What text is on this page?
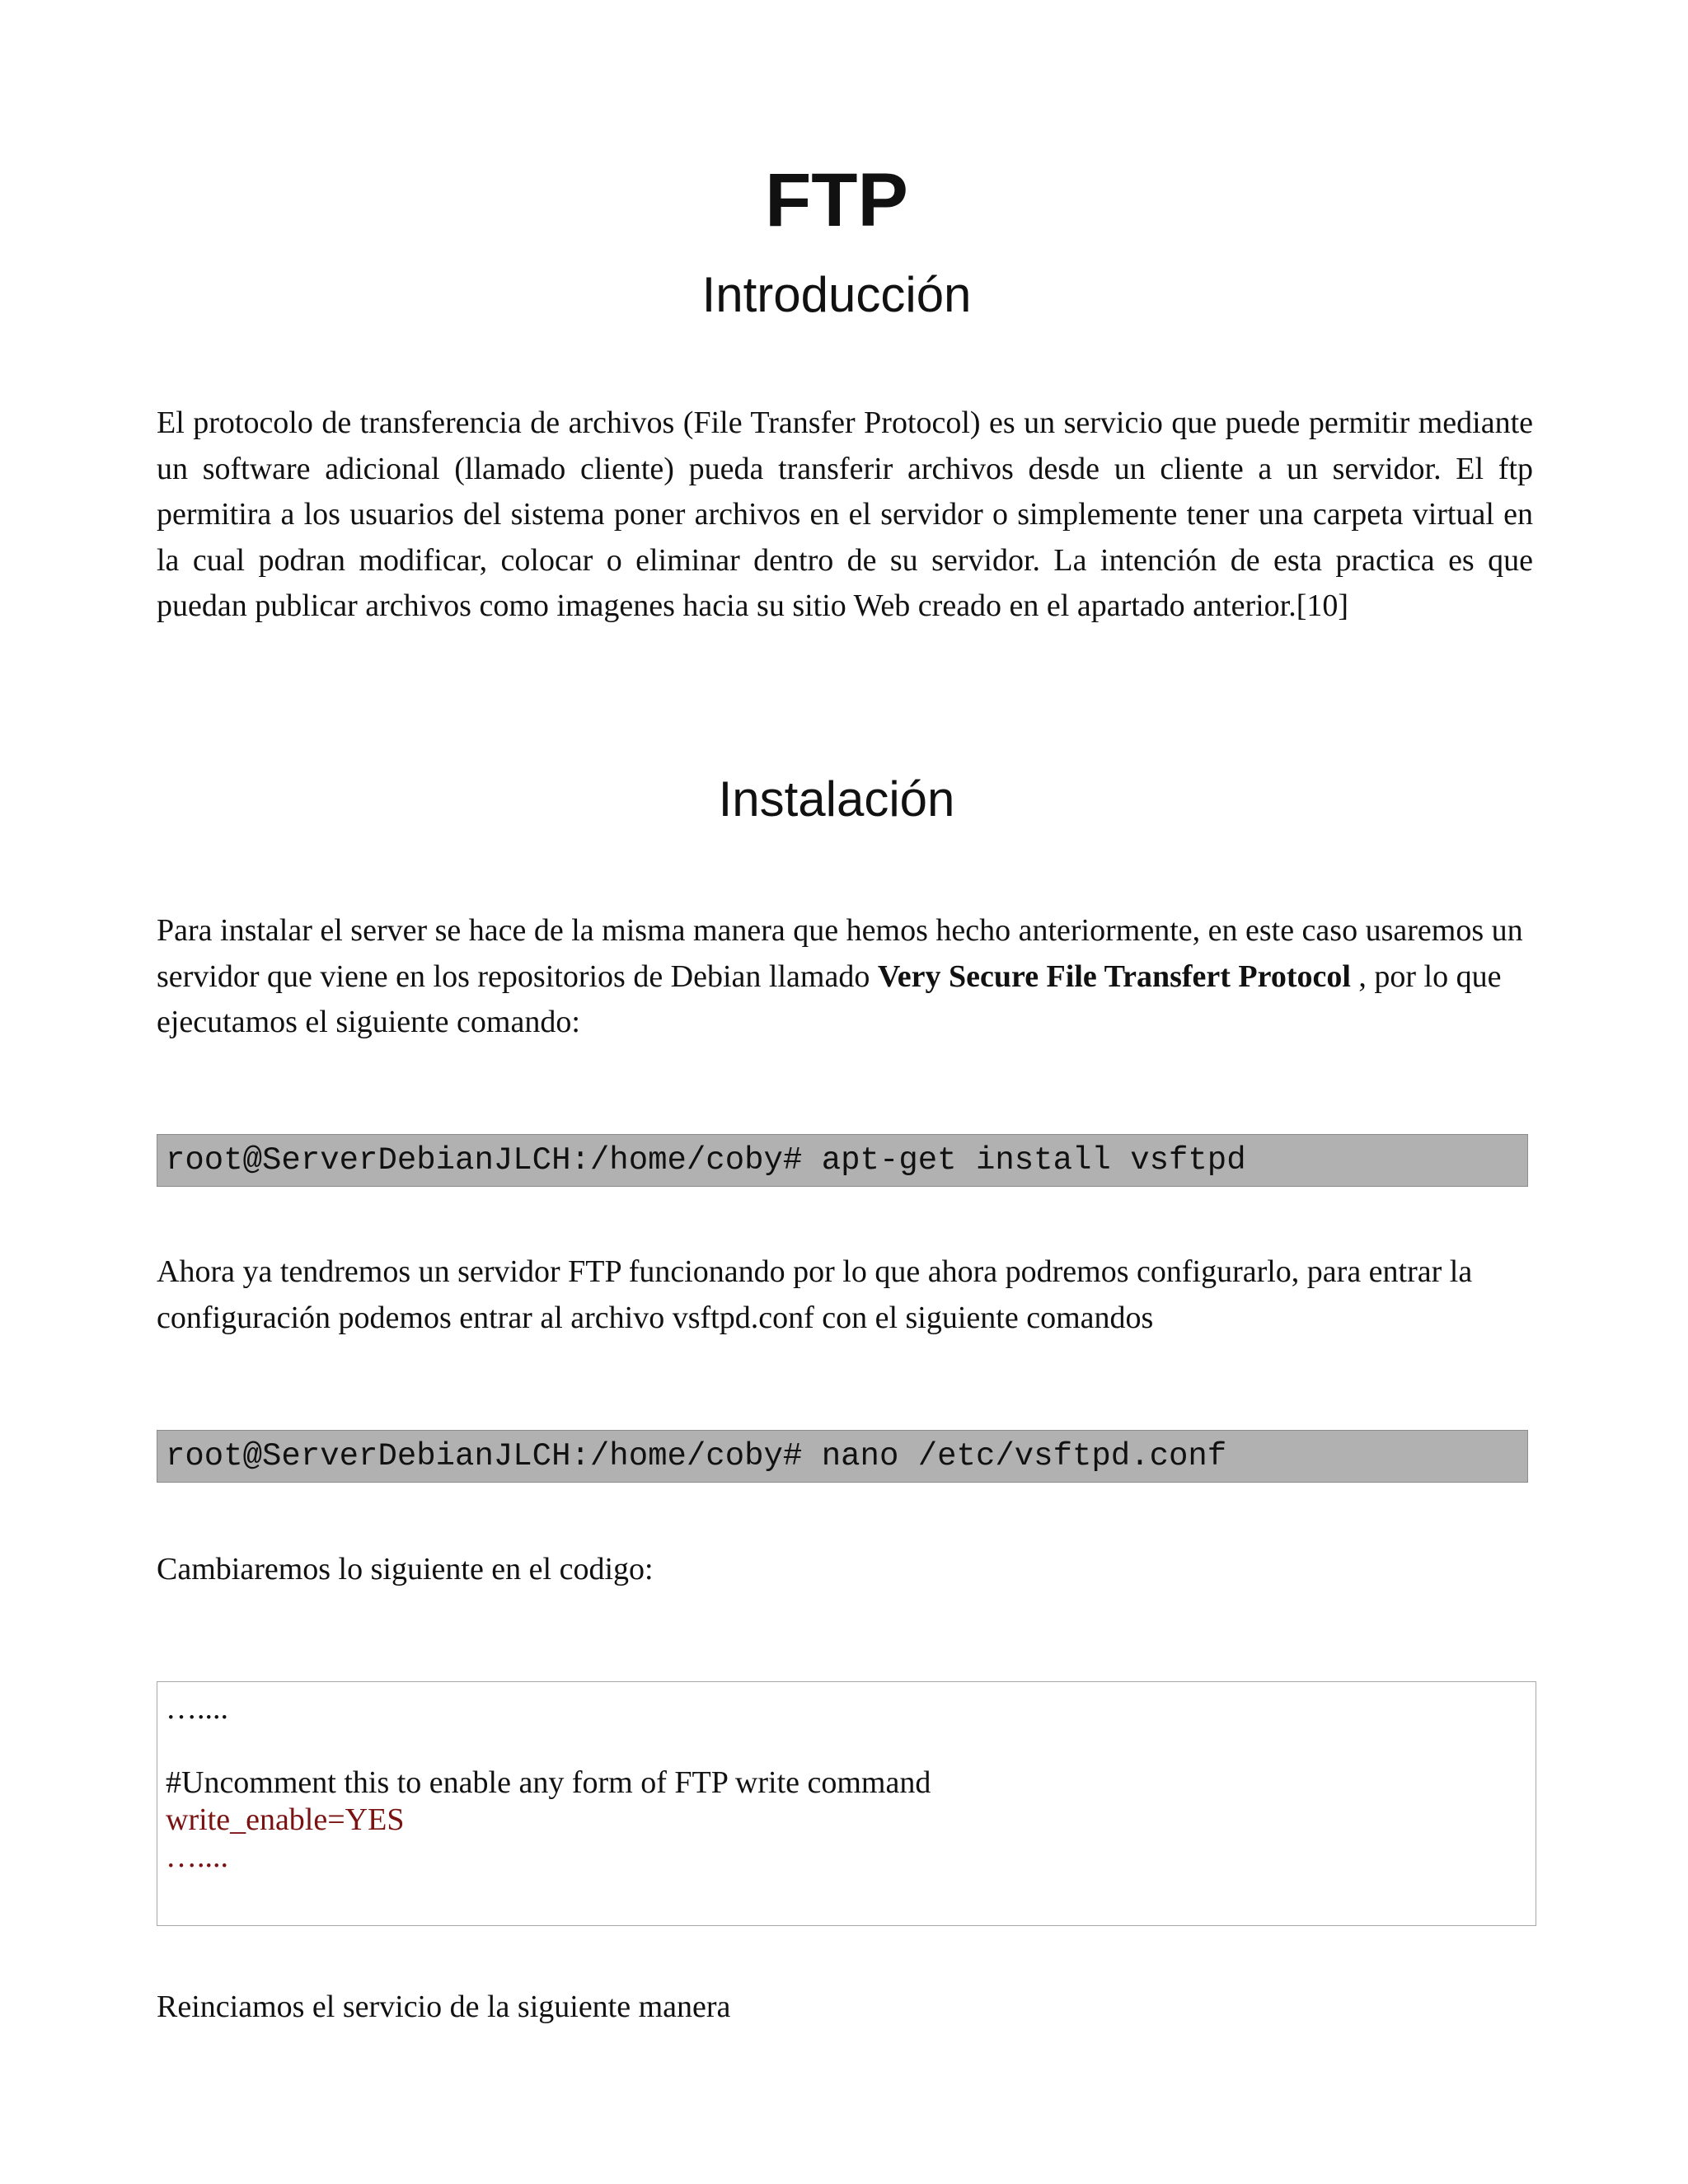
FTP
Introducción

El protocolo de transferencia de archivos (File Transfer Protocol) es un servicio que puede permitir mediante un software adicional (llamado cliente) pueda transferir archivos desde un cliente a un servidor. El ftp permitira a los usuarios del sistema poner archivos en el servidor o simplemente tener una carpeta virtual en la cual podran modificar, colocar o eliminar dentro de su servidor. La intención de esta practica es que puedan publicar archivos como imagenes hacia su sitio Web creado en el apartado anterior.[10]

Instalación

Para instalar el server se hace de la misma manera que hemos hecho anteriormente, en este caso usaremos un servidor que viene en los repositorios de Debian llamado Very Secure File Transfert Protocol , por lo que ejecutamos el siguiente comando:

root@ServerDebianJLCH:/home/coby# apt-get install vsftpd

Ahora ya tendremos un servidor FTP funcionando por lo que ahora podremos configurarlo, para entrar la configuración podemos entrar al archivo vsftpd.conf con el siguiente comandos

root@ServerDebianJLCH:/home/coby# nano /etc/vsftpd.conf

Cambiaremos lo siguiente en el codigo:

…....
#Uncomment this to enable any form of FTP write command
write_enable=YES
…....

Reinciamos el servicio de la siguiente manera
